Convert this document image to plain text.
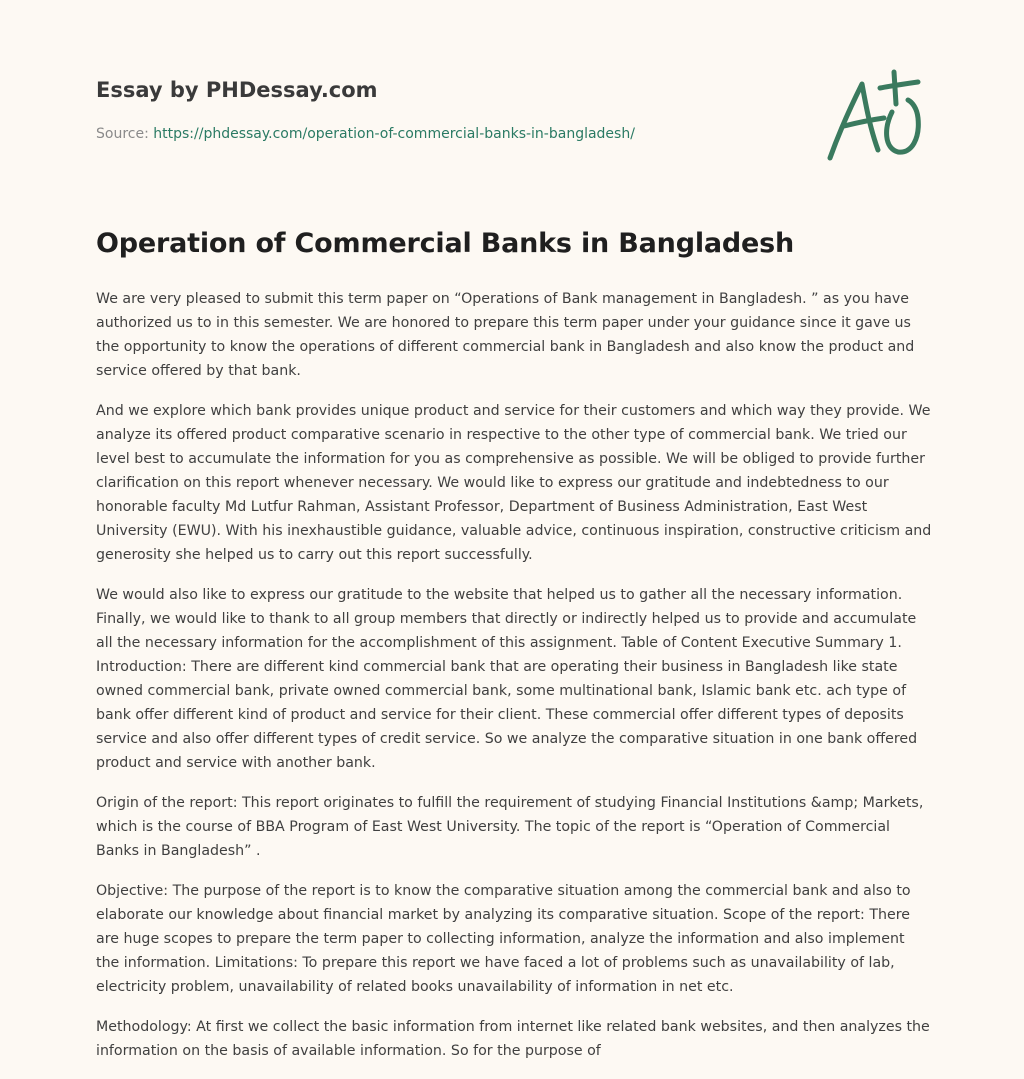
Essay by PHDessay.com
Source: https://phdessay.com/operation-of-commercial-banks-in-bangladesh/
Operation of Commercial Banks in Bangladesh

We are very pleased to submit this term paper on “Operations of Bank management in Bangladesh. ” as you have authorized us to in this semester. We are honored to prepare this term paper under your guidance since it gave us the opportunity to know the operations of different commercial bank in Bangladesh and also know the product and service offered by that bank.

And we explore which bank provides unique product and service for their customers and which way they provide. We analyze its offered product comparative scenario in respective to the other type of commercial bank. We tried our level best to accumulate the information for you as comprehensive as possible. We will be obliged to provide further clarification on this report whenever necessary. We would like to express our gratitude and indebtedness to our honorable faculty Md Lutfur Rahman, Assistant Professor, Department of Business Administration, East West University (EWU). With his inexhaustible guidance, valuable advice, continuous inspiration, constructive criticism and generosity she helped us to carry out this report successfully.

We would also like to express our gratitude to the website that helped us to gather all the necessary information. Finally, we would like to thank to all group members that directly or indirectly helped us to provide and accumulate all the necessary information for the accomplishment of this assignment. Table of Content Executive Summary 1. Introduction: There are different kind commercial bank that are operating their business in Bangladesh like state owned commercial bank, private owned commercial bank, some multinational bank, Islamic bank etc. ach type of bank offer different kind of product and service for their client. These commercial offer different types of deposits service and also offer different types of credit service. So we analyze the comparative situation in one bank offered product and service with another bank.

Origin of the report: This report originates to fulfill the requirement of studying Financial Institutions &amp; Markets, which is the course of BBA Program of East West University. The topic of the report is “Operation of Commercial Banks in Bangladesh” .

Objective: The purpose of the report is to know the comparative situation among the commercial bank and also to elaborate our knowledge about financial market by analyzing its comparative situation. Scope of the report: There are huge scopes to prepare the term paper to collecting information, analyze the information and also implement the information. Limitations: To prepare this report we have faced a lot of problems such as unavailability of lab, electricity problem, unavailability of related books unavailability of information in net etc.

Methodology: At first we collect the basic information from internet like related bank websites, and then analyzes the information on the basis of available information. So for the purpose of
